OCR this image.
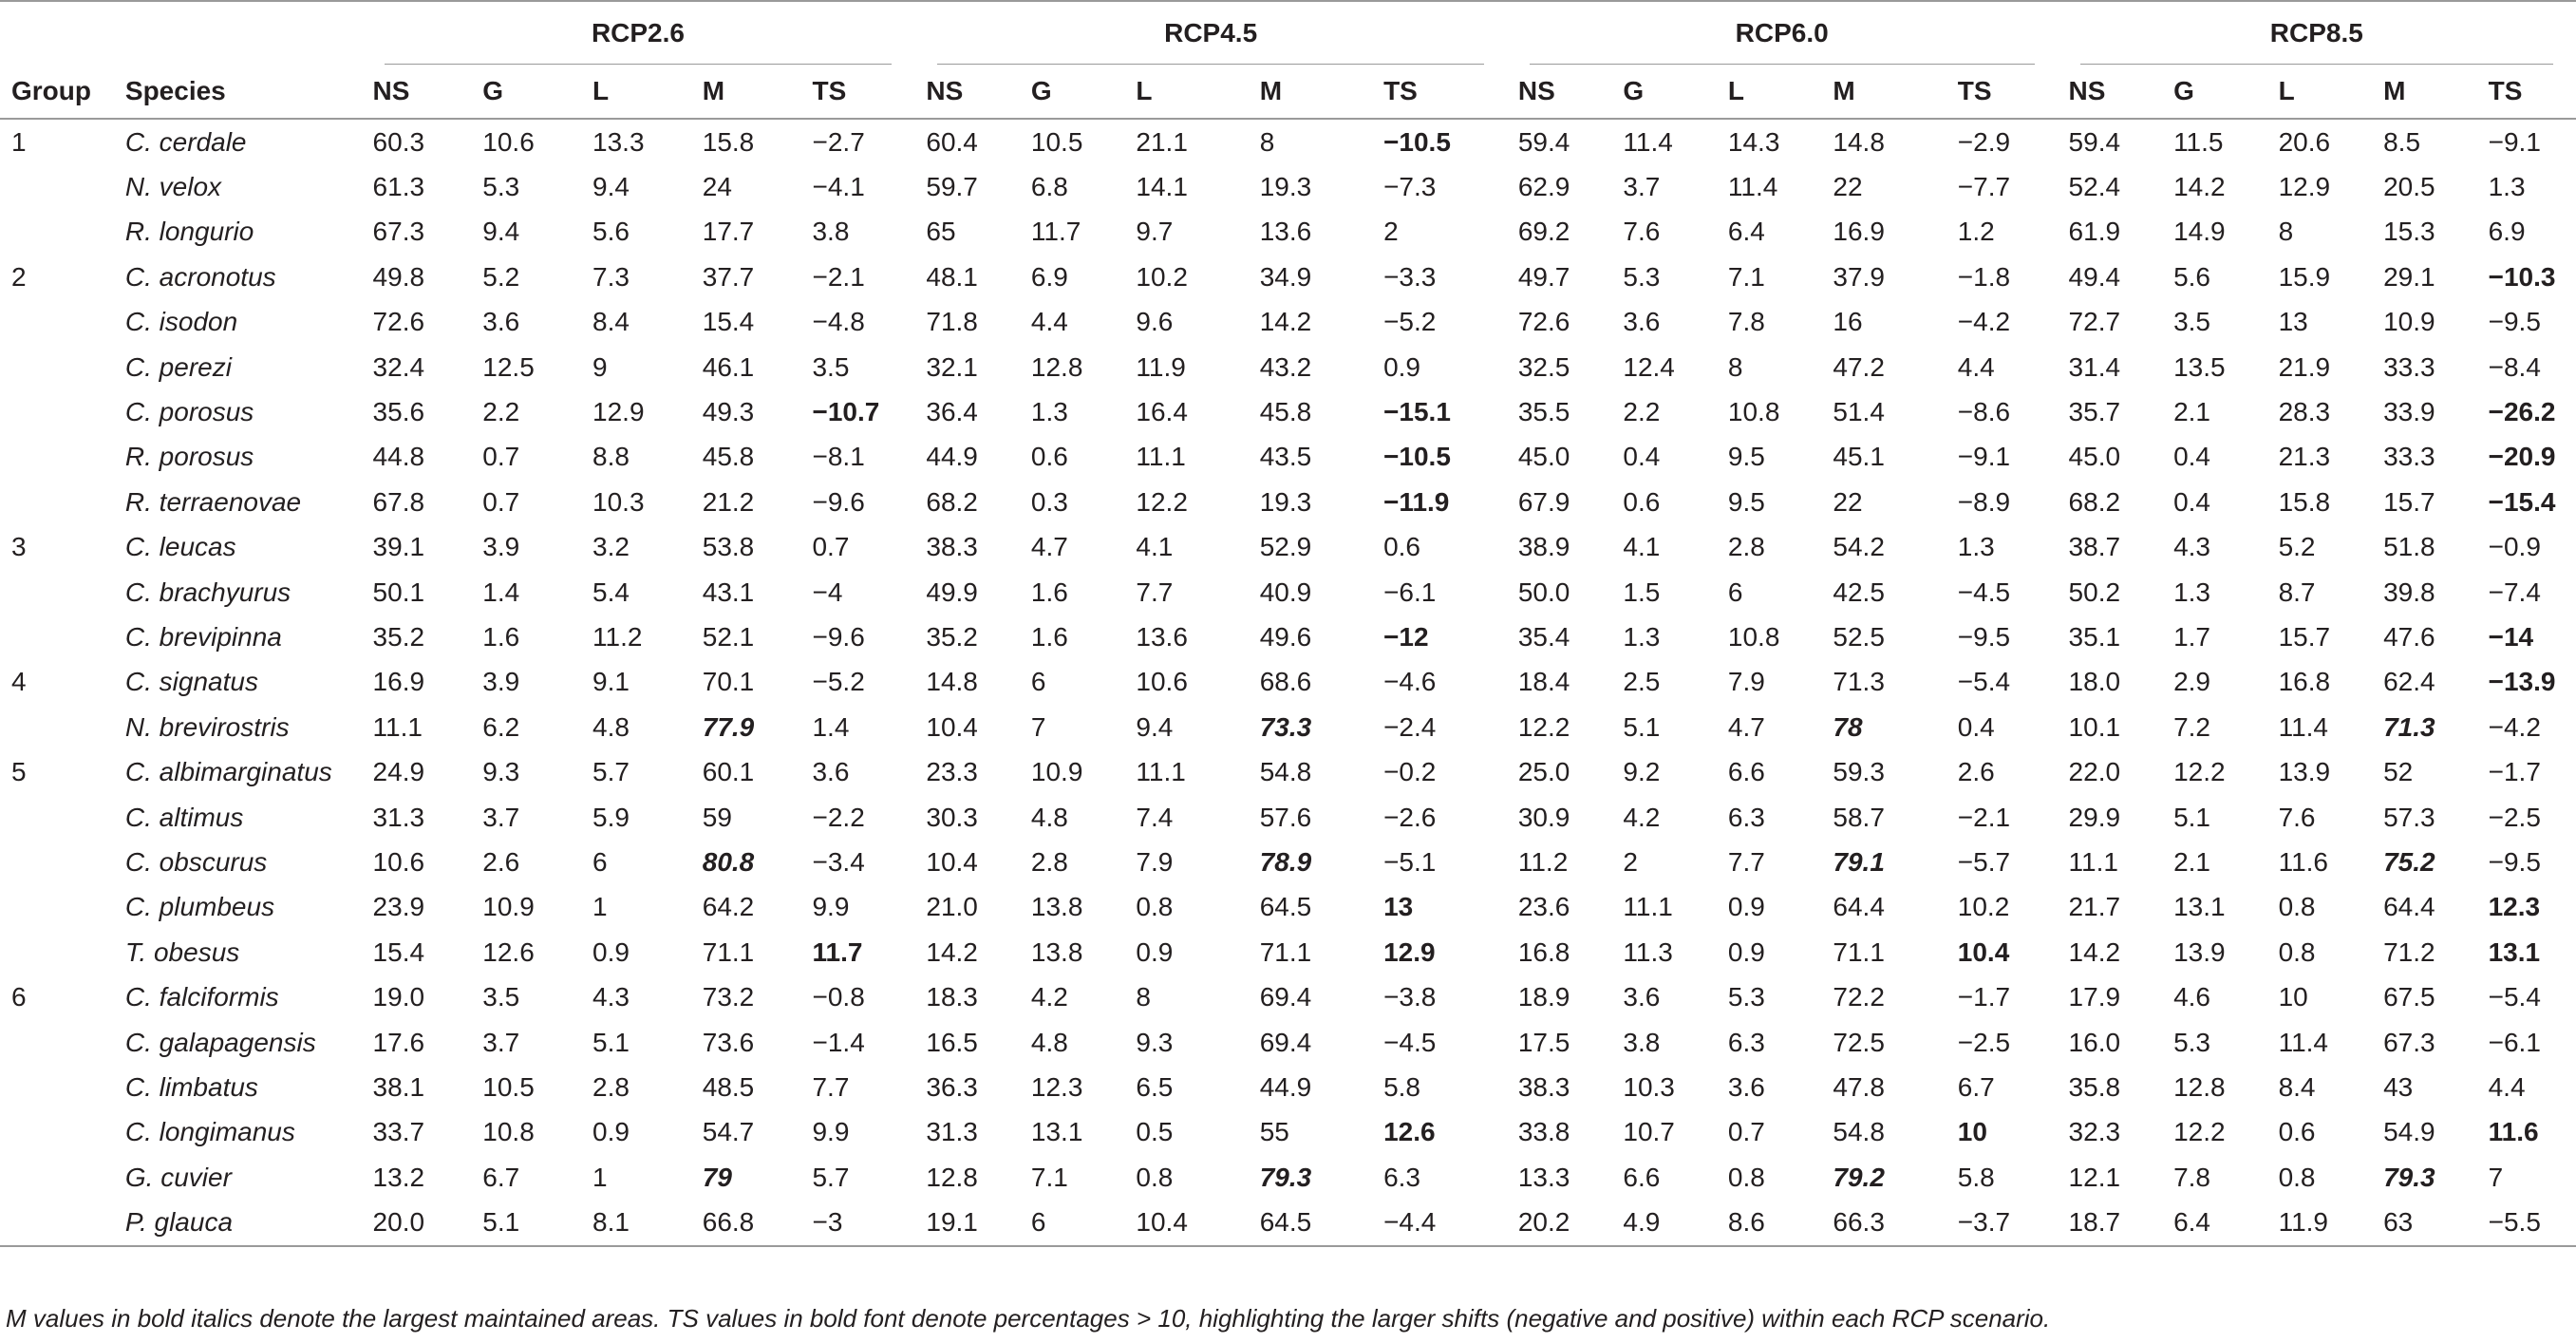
		RCP2.6					RCP4.5					RCP6.0					RCP8.5				

Group	Species	NS	G	L	M	TS	NS	G	L	M	TS	NS	G	L	M	TS	NS	G	L	M	TS
1	C. cerdale	60.3	10.6	13.3	15.8	−2.7	60.4	10.5	21.1	8	−10.5	59.4	11.4	14.3	14.8	−2.9	59.4	11.5	20.6	8.5	−9.1
	N. velox	61.3	5.3	9.4	24	−4.1	59.7	6.8	14.1	19.3	−7.3	62.9	3.7	11.4	22	−7.7	52.4	14.2	12.9	20.5	1.3
	R. longurio	67.3	9.4	5.6	17.7	3.8	65	11.7	9.7	13.6	2	69.2	7.6	6.4	16.9	1.2	61.9	14.9	8	15.3	6.9
2	C. acronotus	49.8	5.2	7.3	37.7	−2.1	48.1	6.9	10.2	34.9	−3.3	49.7	5.3	7.1	37.9	−1.8	49.4	5.6	15.9	29.1	−10.3
	C. isodon	72.6	3.6	8.4	15.4	−4.8	71.8	4.4	9.6	14.2	−5.2	72.6	3.6	7.8	16	−4.2	72.7	3.5	13	10.9	−9.5
	C. perezi	32.4	12.5	9	46.1	3.5	32.1	12.8	11.9	43.2	0.9	32.5	12.4	8	47.2	4.4	31.4	13.5	21.9	33.3	−8.4
	C. porosus	35.6	2.2	12.9	49.3	−10.7	36.4	1.3	16.4	45.8	−15.1	35.5	2.2	10.8	51.4	−8.6	35.7	2.1	28.3	33.9	−26.2
	R. porosus	44.8	0.7	8.8	45.8	−8.1	44.9	0.6	11.1	43.5	−10.5	45.0	0.4	9.5	45.1	−9.1	45.0	0.4	21.3	33.3	−20.9
	R. terraenovae	67.8	0.7	10.3	21.2	−9.6	68.2	0.3	12.2	19.3	−11.9	67.9	0.6	9.5	22	−8.9	68.2	0.4	15.8	15.7	−15.4
3	C. leucas	39.1	3.9	3.2	53.8	0.7	38.3	4.7	4.1	52.9	0.6	38.9	4.1	2.8	54.2	1.3	38.7	4.3	5.2	51.8	−0.9
	C. brachyurus	50.1	1.4	5.4	43.1	−4	49.9	1.6	7.7	40.9	−6.1	50.0	1.5	6	42.5	−4.5	50.2	1.3	8.7	39.8	−7.4
	C. brevipinna	35.2	1.6	11.2	52.1	−9.6	35.2	1.6	13.6	49.6	−12	35.4	1.3	10.8	52.5	−9.5	35.1	1.7	15.7	47.6	−14
4	C. signatus	16.9	3.9	9.1	70.1	−5.2	14.8	6	10.6	68.6	−4.6	18.4	2.5	7.9	71.3	−5.4	18.0	2.9	16.8	62.4	−13.9
	N. brevirostris	11.1	6.2	4.8	77.9	1.4	10.4	7	9.4	73.3	−2.4	12.2	5.1	4.7	78	0.4	10.1	7.2	11.4	71.3	−4.2
5	C. albimarginatus	24.9	9.3	5.7	60.1	3.6	23.3	10.9	11.1	54.8	−0.2	25.0	9.2	6.6	59.3	2.6	22.0	12.2	13.9	52	−1.7
	C. altimus	31.3	3.7	5.9	59	−2.2	30.3	4.8	7.4	57.6	−2.6	30.9	4.2	6.3	58.7	−2.1	29.9	5.1	7.6	57.3	−2.5
	C. obscurus	10.6	2.6	6	80.8	−3.4	10.4	2.8	7.9	78.9	−5.1	11.2	2	7.7	79.1	−5.7	11.1	2.1	11.6	75.2	−9.5
	C. plumbeus	23.9	10.9	1	64.2	9.9	21.0	13.8	0.8	64.5	13	23.6	11.1	0.9	64.4	10.2	21.7	13.1	0.8	64.4	12.3
	T. obesus	15.4	12.6	0.9	71.1	11.7	14.2	13.8	0.9	71.1	12.9	16.8	11.3	0.9	71.1	10.4	14.2	13.9	0.8	71.2	13.1
6	C. falciformis	19.0	3.5	4.3	73.2	−0.8	18.3	4.2	8	69.4	−3.8	18.9	3.6	5.3	72.2	−1.7	17.9	4.6	10	67.5	−5.4
	C. galapagensis	17.6	3.7	5.1	73.6	−1.4	16.5	4.8	9.3	69.4	−4.5	17.5	3.8	6.3	72.5	−2.5	16.0	5.3	11.4	67.3	−6.1
	C. limbatus	38.1	10.5	2.8	48.5	7.7	36.3	12.3	6.5	44.9	5.8	38.3	10.3	3.6	47.8	6.7	35.8	12.8	8.4	43	4.4
	C. longimanus	33.7	10.8	0.9	54.7	9.9	31.3	13.1	0.5	55	12.6	33.8	10.7	0.7	54.8	10	32.3	12.2	0.6	54.9	11.6
	G. cuvier	13.2	6.7	1	79	5.7	12.8	7.1	0.8	79.3	6.3	13.3	6.6	0.8	79.2	5.8	12.1	7.8	0.8	79.3	7
	P. glauca	20.0	5.1	8.1	66.8	−3	19.1	6	10.4	64.5	−4.4	20.2	4.9	8.6	66.3	−3.7	18.7	6.4	11.9	63	−5.5
M values in bold italics denote the largest maintained areas. TS values in bold font denote percentages > 10, highlighting the larger shifts (negative and positive) within each RCP scenario.
